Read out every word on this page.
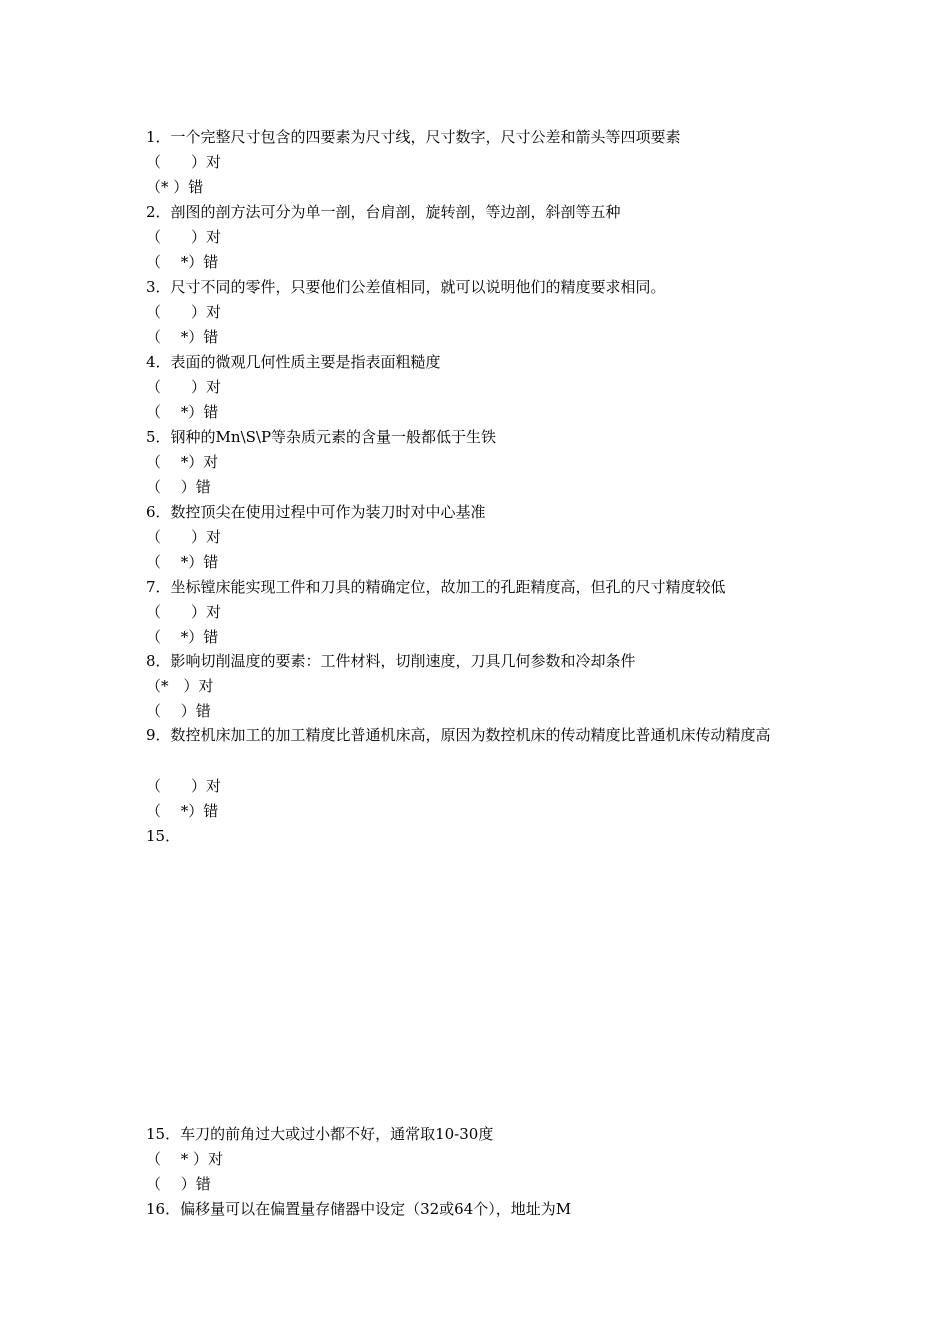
1．一个完整尺寸包含的四要素为尺寸线，尺寸数字，尺寸公差和箭头等四项要素
（　　）对
（* ）错
2．剖图的剖方法可分为单一剖，台肩剖，旋转剖，等边剖，斜剖等五种
（　　）对
（　 *）错
3．尺寸不同的零件，只要他们公差值相同，就可以说明他们的精度要求相同。
（　　）对
（　 *）错
4．表面的微观几何性质主要是指表面粗糙度
（　　）对
（　 *）错
5．钢种的Mn\S\P等杂质元素的含量一般都低于生铁
（　 *）对
（　 ）错
6．数控顶尖在使用过程中可作为装刀时对中心基准
（　　）对
（　 *）错
7．坐标镗床能实现工件和刀具的精确定位，故加工的孔距精度高，但孔的尺寸精度较低
（　　）对
（　 *）错
8．影响切削温度的要素：工件材料，切削速度，刀具几何参数和冷却条件
（*　）对
（　 ）错
9．数控机床加工的加工精度比普通机床高，原因为数控机床的传动精度比普通机床传动精度高
（　　）对
（　 *）错
15．
15．车刀的前角过大或过小都不好，通常取10-30度
（　 * ）对
（　 ）错
16．偏移量可以在偏置量存储器中设定（32或64个），地址为M
